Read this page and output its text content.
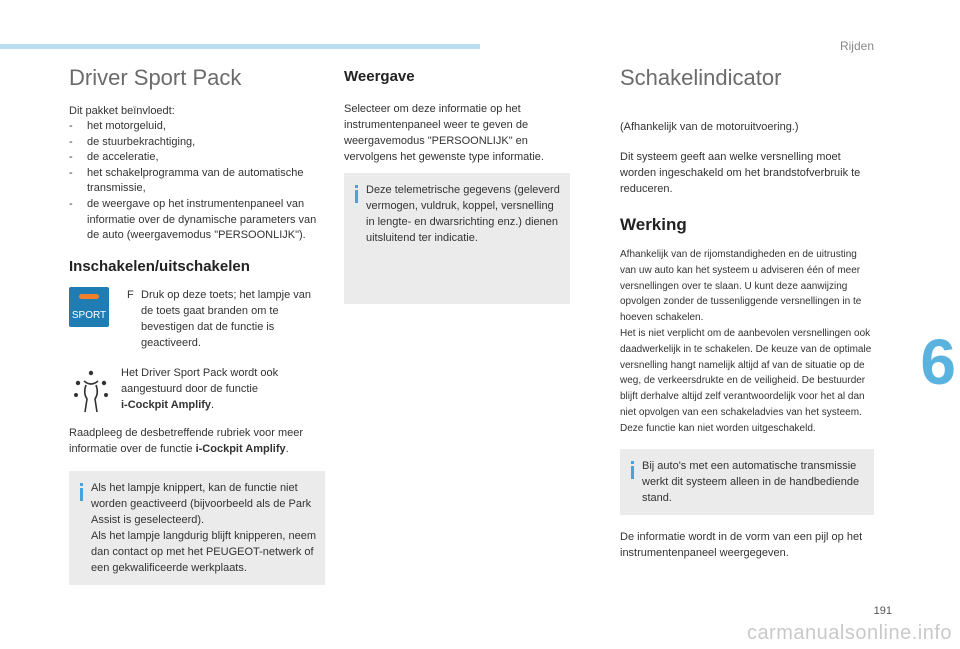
Rijden
6
Driver Sport Pack

Dit pakket beïnvloedt:

- het motorgeluid,
- de stuurbekrachtiging,
- de acceleratie,
- het schakelprogramma van de automatische transmissie,
- de weergave op het instrumentenpaneel van informatie over de dynamische parameters van de auto (weergavemodus "PERSOONLIJK").
Inschakelen/uitschakelen
SPORT
F Druk op deze toets; het lampje van de toets gaat branden om te bevestigen dat de functie is geactiveerd.

Het Driver Sport Pack wordt ook aangestuurd door de functie
i-Cockpit Amplify.

Raadpleeg de desbetreffende rubriek voor meer informatie over de functie i-Cockpit Amplify.

Als het lampje knippert, kan de functie niet worden geactiveerd (bijvoorbeeld als de Park Assist is geselecteerd).
Als het lampje langdurig blijft knipperen, neem dan contact op met het PEUGEOT-netwerk of een gekwalificeerde werkplaats.
Weergave

Selecteer om deze informatie op het instrumentenpaneel weer te geven de weergavemodus "PERSOONLIJK" en vervolgens het gewenste type informatie.

Deze telemetrische gegevens (geleverd vermogen, vuldruk, koppel, versnelling in lengte- en dwarsrichting enz.) dienen uitsluitend ter indicatie.
Schakelindicator

(Afhankelijk van de motoruitvoering.)

Dit systeem geeft aan welke versnelling moet worden ingeschakeld om het brandstofverbruik te reduceren.

Werking

Afhankelijk van de rijomstandigheden en de uitrusting van uw auto kan het systeem u adviseren één of meer versnellingen over te slaan. U kunt deze aanwijzing opvolgen zonder de tussenliggende versnellingen in te hoeven schakelen.
Het is niet verplicht om de aanbevolen versnellingen ook daadwerkelijk in te schakelen. De keuze van de optimale versnelling hangt namelijk altijd af van de situatie op de weg, de verkeersdrukte en de veiligheid. De bestuurder blijft derhalve altijd zelf verantwoordelijk voor het al dan niet opvolgen van een schakeladvies van het systeem.
Deze functie kan niet worden uitgeschakeld.

Bij auto's met een automatische transmissie werkt dit systeem alleen in de handbediende stand.

De informatie wordt in de vorm van een pijl op het instrumentenpaneel weergegeven.

191
carmanualsonline.info
